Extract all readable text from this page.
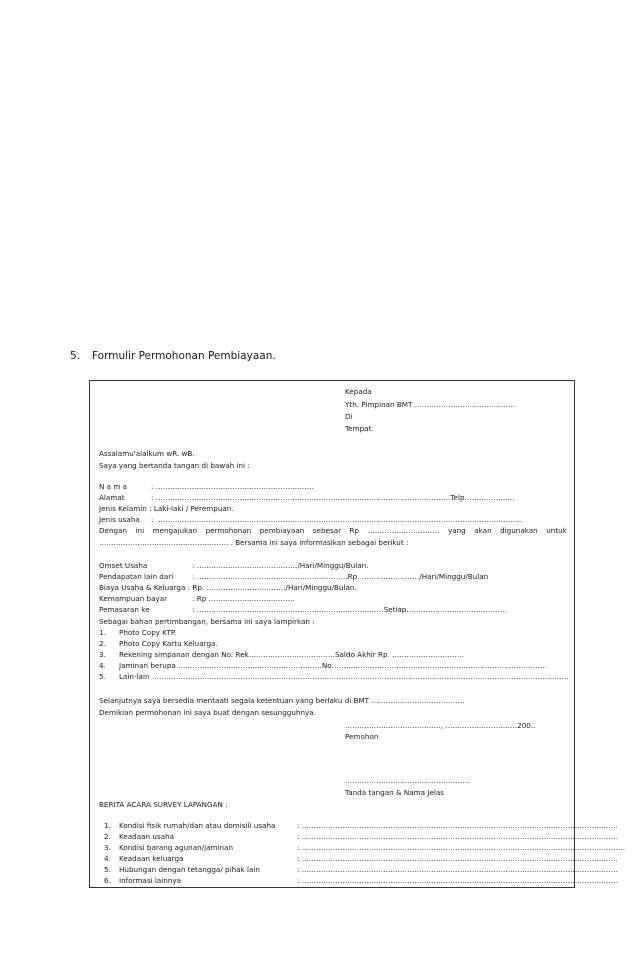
5. Formulir Permohonan Pembiayaan.
Kepada
Yth. Pimpinan BMT ……………………………………
Di
Tempat.
Assalamu'alaikum wR. wB.
Saya yang bertanda tangan di bawah ini :
N a m a	: …………………………………………………………
Alamat	: ……………………………………………………………………………………………………………Telp…………………
Jenis Kelamin : Laki-laki / Perempuan.
Jenis usaha : ………………………………………………………………………………………………………………………………………
Dengan ini mengajukan permohonan pembiayaan sebesar Rp ………………………… yang akan digunakan untuk
……………………………………………… . Bersama ini saya informasikan sebagai berikut :
Omset Usaha	: ……………………………………/Hari/Minggu/Bulan.
Pendapatan lain dari	: ………………………………………………………Rp. ……………………/Hari/Minggu/Bulan
Biaya Usaha & Keluarga : Rp. ……………………………/Hari/Minggu/Bulan.
Kemampuan bayar	: Rp ………………………………
Pemasaran ke	: ……………………………………………………………………Setiap……………………………………
Sebagai bahan pertimbangan, bersama ini saya lampirkan :
1. Photo Copy KTP.
2. Photo Copy Kartu Keluarga.
3. Rekening simpanan dengan No. Rek………………………………Saldo Akhir Rp. …………………………
4. Jaminan berupa ……………………………………………………No………………………………………………………………………………
5. Lain-lain …………………………………………………………………………………………………………………………………………………………
Selanjutnya saya bersedia mentaati segala ketentuan yang berlaku di BMT …………………………………
Demikian permohonan ini saya buat dengan sesungguhnya.
…………………………………., …………………………200..
Pemohon
…………………………………………….
Tanda tangan & Nama Jelas
BERITA ACARA SURVEY LAPANGAN :
1. Kondisi fisik rumah/dan atau domisili usaha	: ……………………………………………………………………………………………………………………
2. Keadaan usaha	: ……………………………………………………………………………………………………………………
3. Kondisi barang agunan/jaminan	: ………………………………………………………………………………………………………………………
4. Keadaan keluarga	: ……………………………………………………………………………………………………………………
5. Hubungan dengan tetangga/ pihak lain	: ……………………………………………………………………………………………………………………
6. Informasi lainnya	: ……………………………………………………………………………………………………………………
